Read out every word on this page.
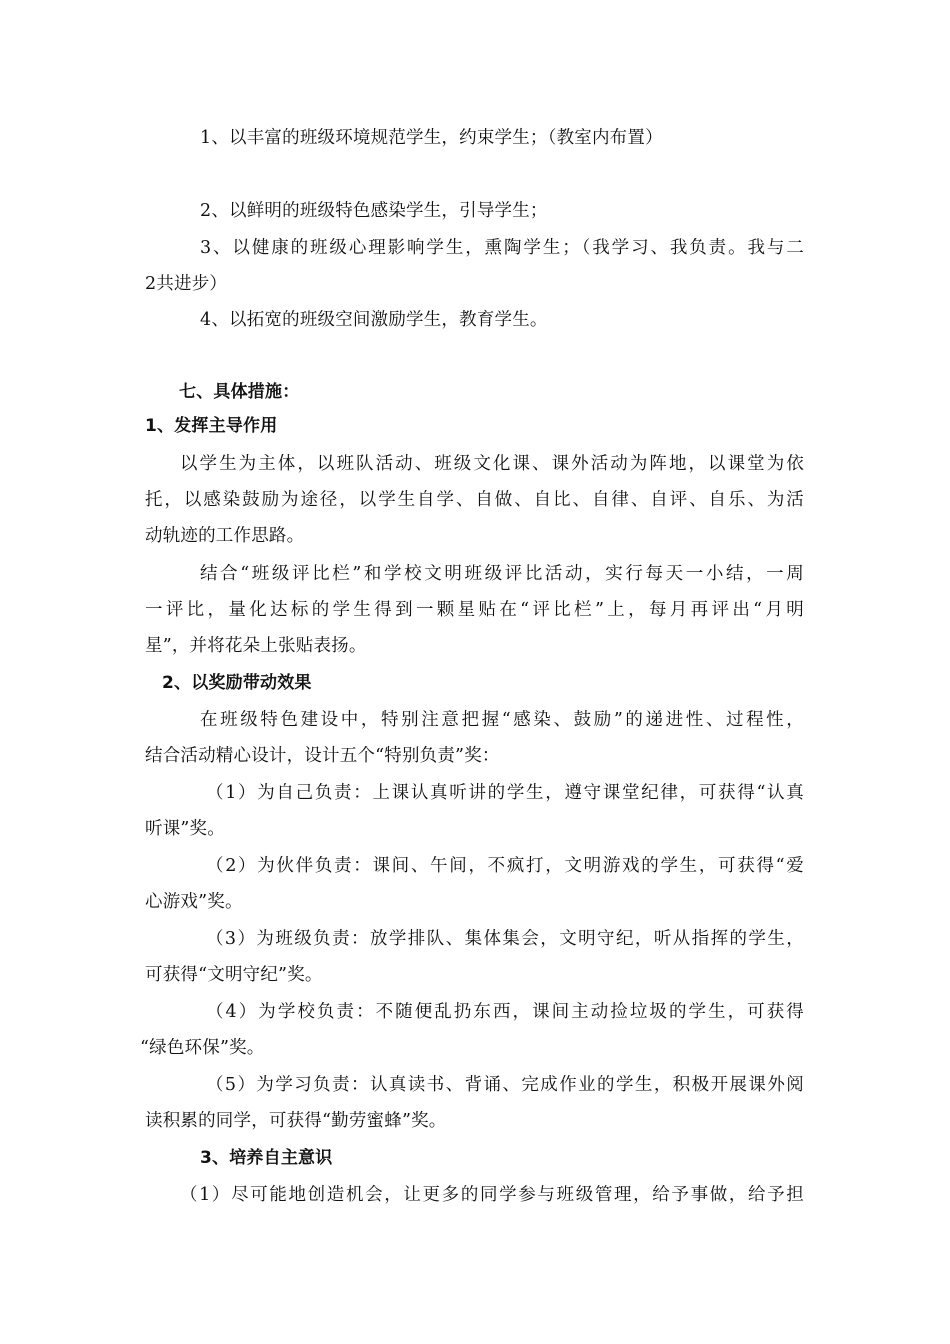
1、以丰富的班级环境规范学生，约束学生；（教室内布置）
2、以鲜明的班级特色感染学生，引导学生；
3、以健康的班级心理影响学生，熏陶学生；（我学习、我负责。我与二
2共进步）
4、以拓宽的班级空间激励学生，教育学生。
七、具体措施：
1、发挥主导作用
以学生为主体，以班队活动、班级文化课、课外活动为阵地，以课堂为依
托，以感染鼓励为途径，以学生自学、自做、自比、自律、自评、自乐、为活
动轨迹的工作思路。
结合“班级评比栏”和学校文明班级评比活动，实行每天一小结，一周
一评比，量化达标的学生得到一颗星贴在“评比栏”上，每月再评出“月明
星”，并将花朵上张贴表扬。
2、以奖励带动效果
在班级特色建设中，特别注意把握“感染、鼓励”的递进性、过程性，
结合活动精心设计，设计五个“特别负责”奖：
（1）为自己负责：上课认真听讲的学生，遵守课堂纪律，可获得“认真
听课”奖。
（2）为伙伴负责：课间、午间，不疯打，文明游戏的学生，可获得“爱
心游戏”奖。
（3）为班级负责：放学排队、集体集会，文明守纪，听从指挥的学生，
可获得“文明守纪”奖。
（4）为学校负责：不随便乱扔东西，课间主动捡垃圾的学生，可获得
“绿色环保”奖。
（5）为学习负责：认真读书、背诵、完成作业的学生，积极开展课外阅
读积累的同学，可获得“勤劳蜜蜂”奖。
3、培养自主意识
（1）尽可能地创造机会，让更多的同学参与班级管理，给予事做，给予担
